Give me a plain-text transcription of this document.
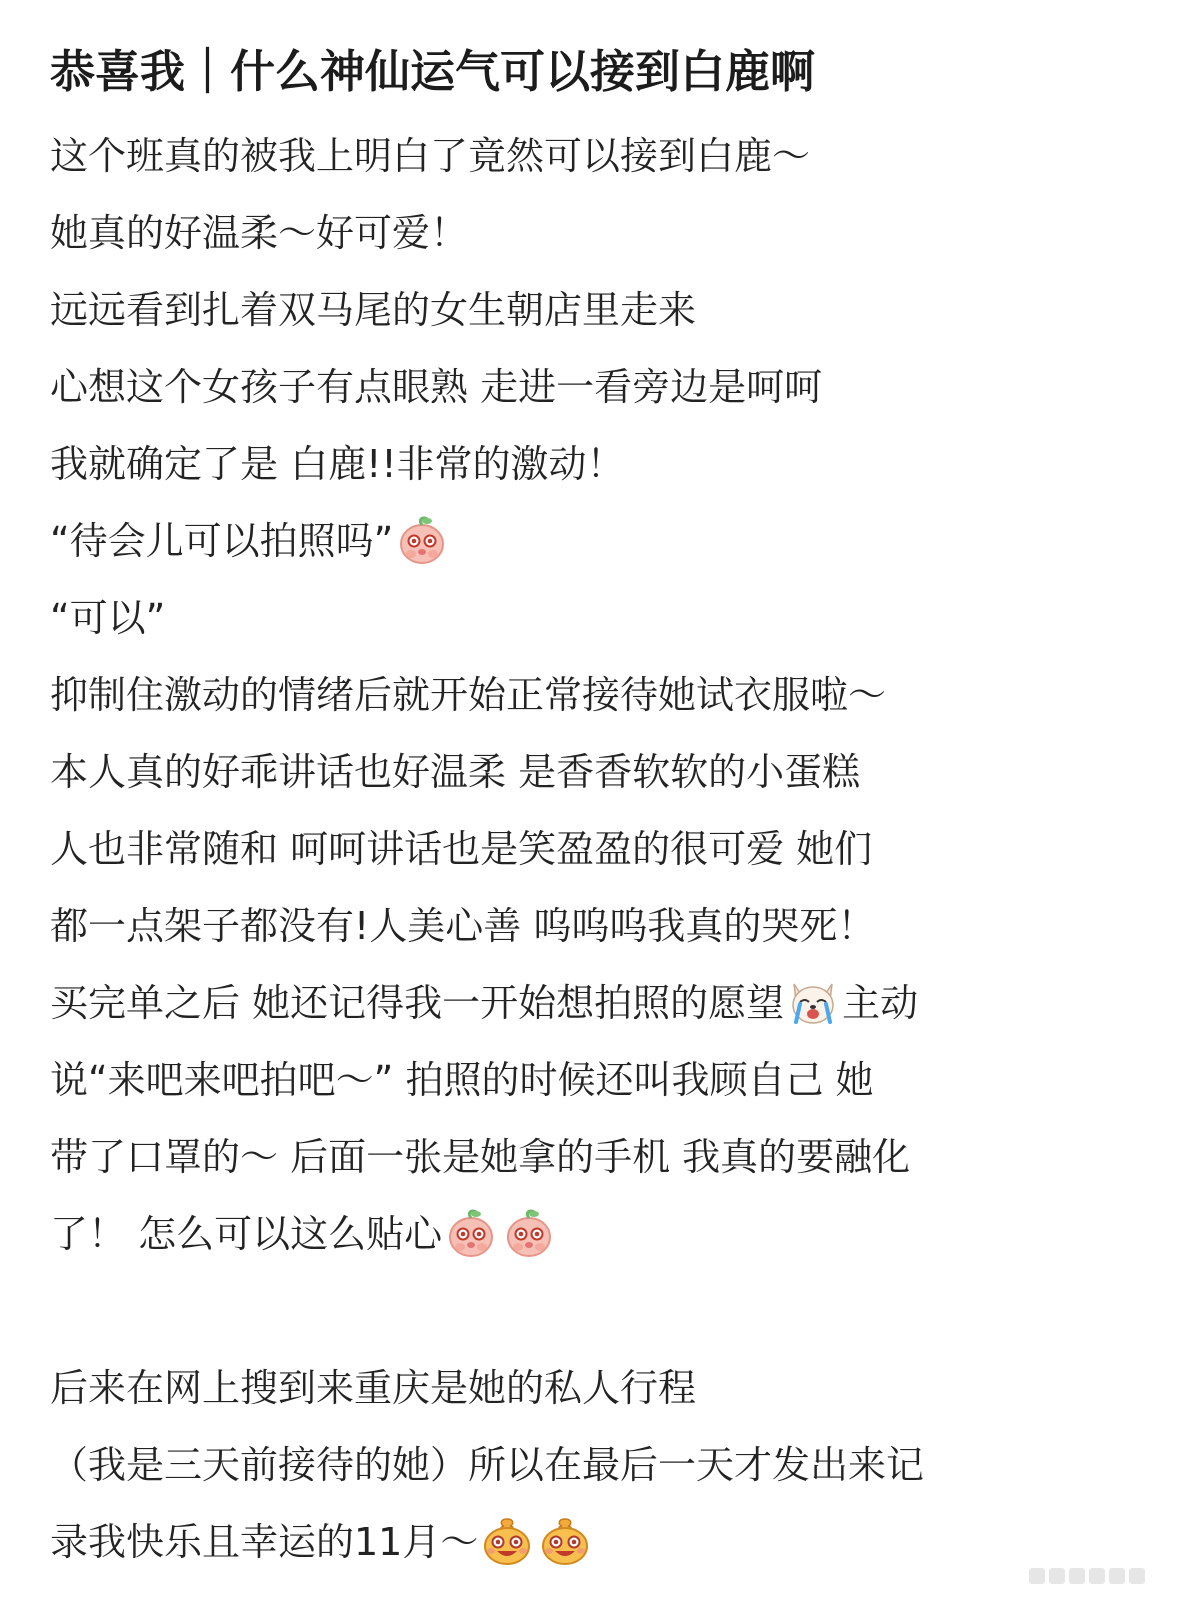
恭喜我｜什么神仙运气可以接到白鹿啊
这个班真的被我上明白了竟然可以接到白鹿～
她真的好温柔～好可爱！
远远看到扎着双马尾的女生朝店里走来
心想这个女孩子有点眼熟 走进一看旁边是呵呵
我就确定了是 白鹿!!非常的激动！
“待会儿可以拍照吗”
“可以”
抑制住激动的情绪后就开始正常接待她试衣服啦～
本人真的好乖讲话也好温柔 是香香软软的小蛋糕
人也非常随和 呵呵讲话也是笑盈盈的很可爱 她们
都一点架子都没有!人美心善 呜呜呜我真的哭死！
买完单之后 她还记得我一开始想拍照的愿望 主动
说“来吧来吧拍吧～” 拍照的时候还叫我顾自己 她
带了口罩的～ 后面一张是她拿的手机 我真的要融化
了！ 怎么可以这么贴心
后来在网上搜到来重庆是她的私人行程
（我是三天前接待的她）所以在最后一天才发出来记
录我快乐且幸运的11月～
